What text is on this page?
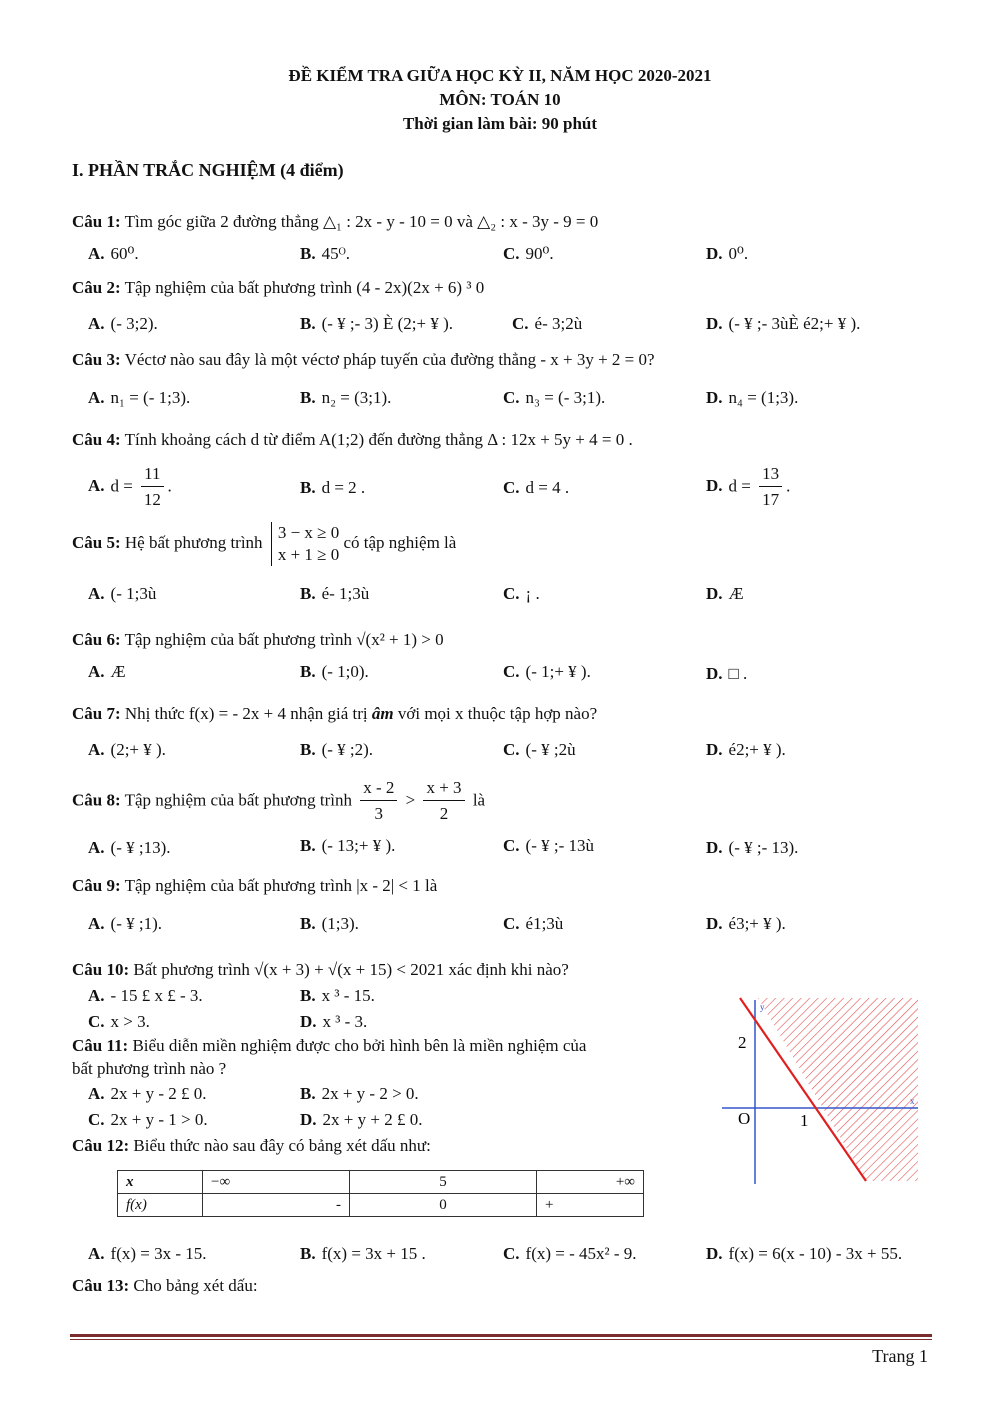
ĐỀ KIỂM TRA GIỮA HỌC KỲ II, NĂM HỌC 2020-2021
MÔN: TOÁN 10
Thời gian làm bài: 90 phút
I. PHẦN TRẮC NGHIỆM (4 điểm)
Câu 1: Tìm góc giữa 2 đường thẳng △₁ : 2x - y - 10 = 0 và △₂ : x - 3y - 9 = 0
A. 60⁰.	B. 45ᴼ.	C. 90⁰.	D. 0⁰.
Câu 2: Tập nghiệm của bất phương trình (4 - 2x)(2x + 6) ³ 0
A. (- 3;2).	B. (- ¥ ;- 3) È (2;+ ¥ ).	C. é- 3;2ù	D. (- ¥ ;- 3ùÈ é2;+ ¥ ).
Câu 3: Véctơ nào sau đây là một véctơ pháp tuyến của đường thẳng - x + 3y + 2 = 0?
A. n₁ = (- 1;3).	B. n₂ = (3;1).	C. n₃ = (- 3;1).	D. n₄ = (1;3).
Câu 4: Tính khoảng cách d từ điểm A(1;2) đến đường thẳng Δ : 12x + 5y + 4 = 0 .
A. $d = \frac{11}{12}$ .	B. d = 2 .	C. d = 4 .	D. $d = \frac{13}{17}$ .
Câu 5: Hệ bất phương trình
3 − x ≥ 0
x + 1 ≥ 0
có tập nghiệm là
A. (- 1;3ù	B. é- 1;3ù	C. ¡ .	D. Æ
Câu 6: Tập nghiệm của bất phương trình √(x² + 1) > 0
A. Æ	B. (- 1;0).	C. (- 1;+ ¥ ).	D. □ .
Câu 7: Nhị thức f(x) = - 2x + 4 nhận giá trị âm với mọi x thuộc tập hợp nào?
A. (2;+ ¥ ).	B. (- ¥ ;2).	C. (- ¥ ;2ù	D. é2;+ ¥ ).
Câu 8: Tập nghiệm của bất phương trình $\frac{x - 2}{3} > \frac{x + 3}{2}$ là
A. (- ¥ ;13).	B. (- 13;+ ¥ ).	C. (- ¥ ;- 13ù	D. (- ¥ ;- 13).
Câu 9: Tập nghiệm của bất phương trình |x - 2| < 1 là
A. (- ¥ ;1).	B. (1;3).	C. é1;3ù	D. é3;+ ¥ ).
Câu 10: Bất phương trình √(x + 3) + √(x + 15) < 2021 xác định khi nào?
A. - 15 £ x £ - 3.	B. x ³ - 15.
C. x > 3.	D. x ³ - 3.
Câu 11: Biểu diễn miền nghiệm được cho bởi hình bên là miền nghiệm của
bất phương trình nào ?
A. 2x + y - 2 £ 0.	B. 2x + y - 2 > 0.
C. 2x + y - 1 > 0.	D. 2x + y + 2 £ 0.
y
x
O
2
1
Câu 12: Biểu thức nào sau đây có bảng xét dấu như:
x	−∞	5	+∞
f(x)	-	0	+
A. f(x) = 3x - 15.	B. f(x) = 3x + 15 .	C. f(x) = - 45x² - 9.	D. f(x) = 6(x - 10) - 3x + 55.
Câu 13: Cho bảng xét dấu:
Trang 1
